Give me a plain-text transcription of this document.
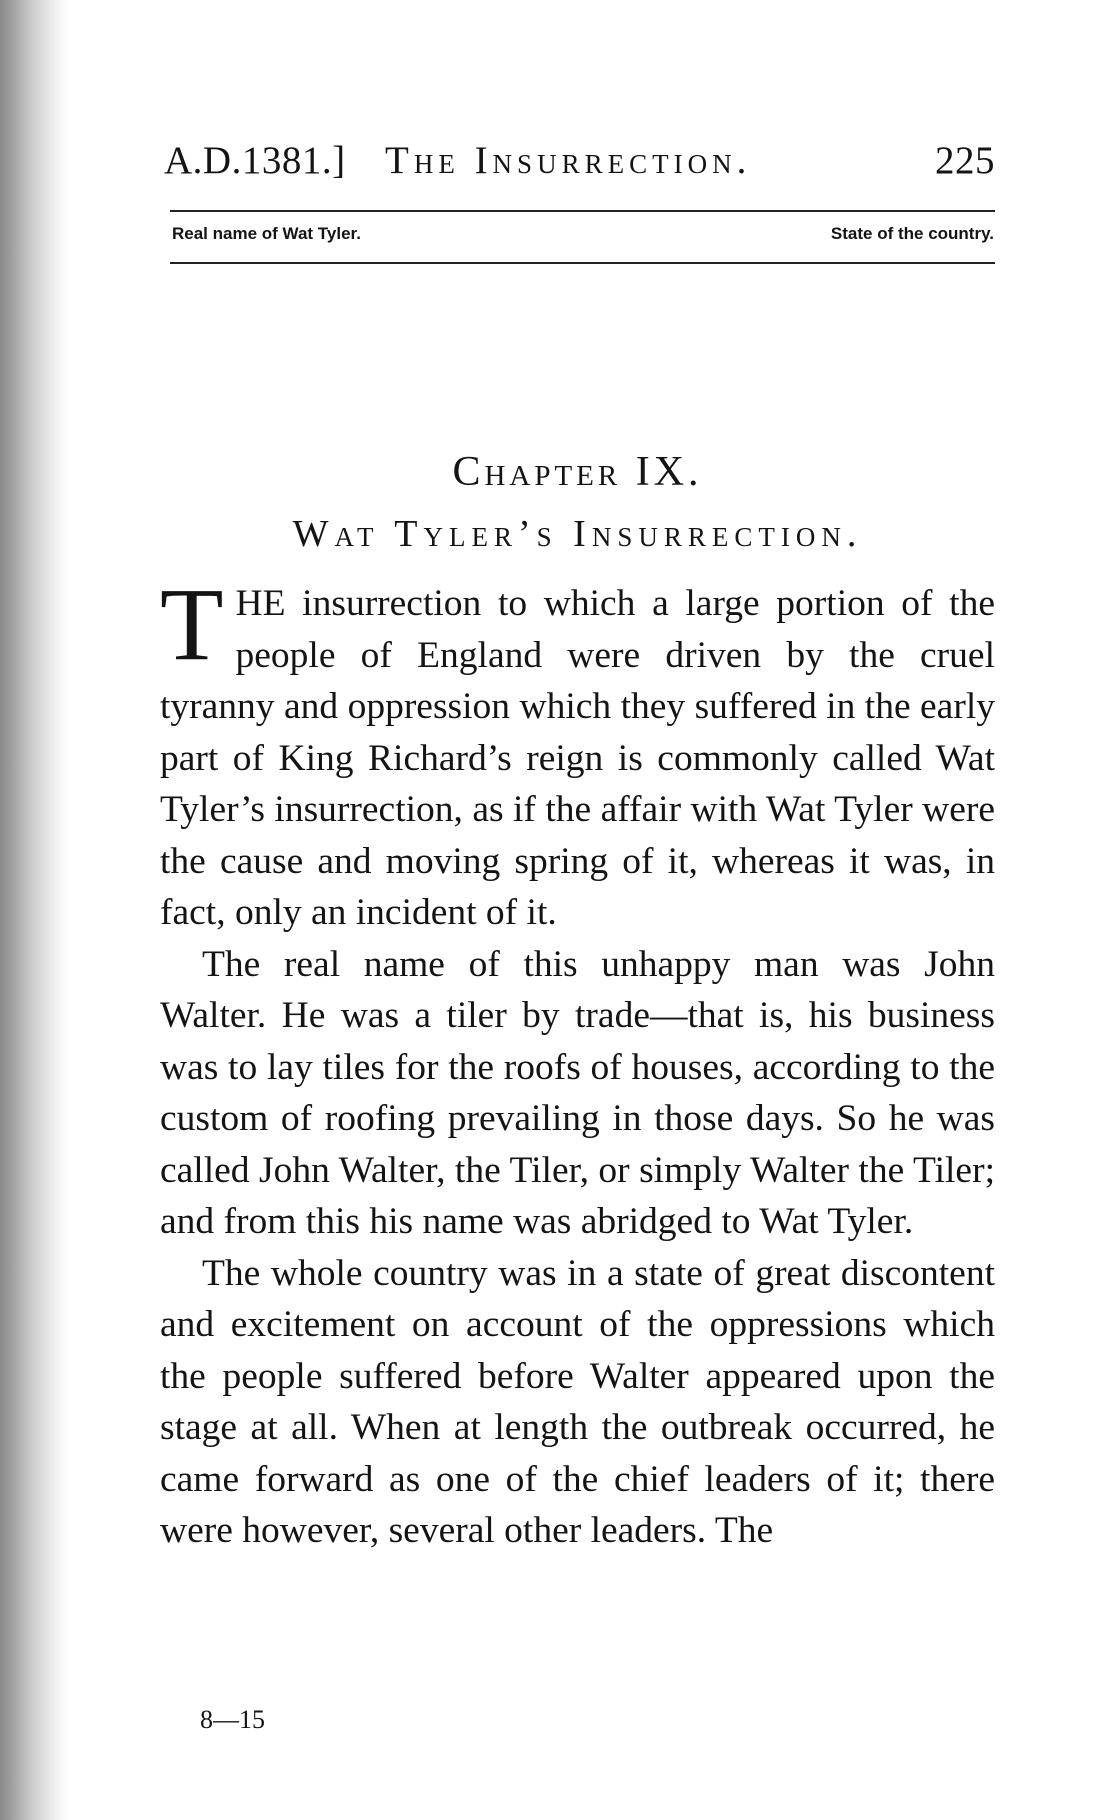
A.D.1381.] The Insurrection.	225
Real name of Wat Tyler.	State of the country.
Chapter IX.
Wat Tyler’s Insurrection.

THE insurrection to which a large portion of the people of England were driven by the cruel tyranny and oppression which they suffered in the early part of King Richard’s reign is commonly called Wat Tyler’s insurrection, as if the affair with Wat Tyler were the cause and moving spring of it, whereas it was, in fact, only an incident of it.

The real name of this unhappy man was John Walter. He was a tiler by trade—that is, his business was to lay tiles for the roofs of houses, according to the custom of roofing prevailing in those days. So he was called John Walter, the Tiler, or simply Walter the Tiler; and from this his name was abridged to Wat Tyler.

The whole country was in a state of great discontent and excitement on account of the oppressions which the people suffered before Walter appeared upon the stage at all. When at length the outbreak occurred, he came forward as one of the chief leaders of it; there were however, several other leaders. The

8—15
